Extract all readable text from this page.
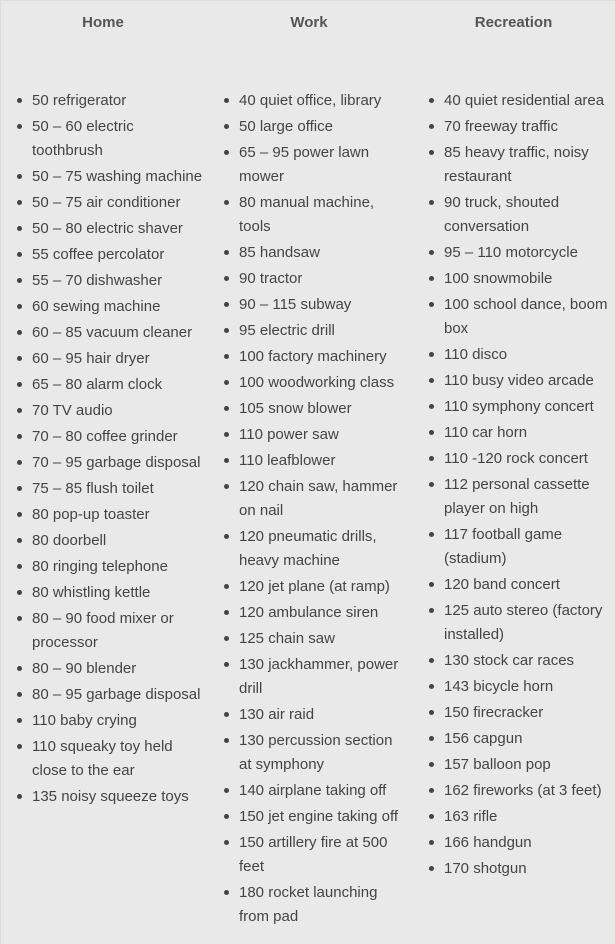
Home	Work	Recreation
50 refrigerator
50 – 60 electric toothbrush
50 – 75 washing machine
50 – 75 air conditioner
50 – 80 electric shaver
55 coffee percolator
55 – 70 dishwasher
60 sewing machine
60 – 85 vacuum cleaner
60 – 95 hair dryer
65 – 80 alarm clock
70 TV audio
70 – 80 coffee grinder
70 – 95 garbage disposal
75 – 85 flush toilet
80 pop-up toaster
80 doorbell
80 ringing telephone
80 whistling kettle
80 – 90 food mixer or processor
80 – 90 blender
80 – 95 garbage disposal
110 baby crying
110 squeaky toy held close to the ear
135 noisy squeeze toys
40 quiet office, library
50 large office
65 – 95 power lawn mower
80 manual machine, tools
85 handsaw
90 tractor
90 – 115 subway
95 electric drill
100 factory machinery
100 woodworking class
105 snow blower
110 power saw
110 leafblower
120 chain saw, hammer on nail
120 pneumatic drills, heavy machine
120 jet plane (at ramp)
120 ambulance siren
125 chain saw
130 jackhammer, power drill
130 air raid
130 percussion section at symphony
140 airplane taking off
150 jet engine taking off
150 artillery fire at 500 feet
180 rocket launching from pad
40 quiet residential area
70 freeway traffic
85 heavy traffic, noisy restaurant
90 truck, shouted conversation
95 – 110 motorcycle
100 snowmobile
100 school dance, boom box
110 disco
110 busy video arcade
110 symphony concert
110 car horn
110 -120 rock concert
112 personal cassette player on high
117 football game (stadium)
120 band concert
125 auto stereo (factory installed)
130 stock car races
143 bicycle horn
150 firecracker
156 capgun
157 balloon pop
162 fireworks (at 3 feet)
163 rifle
166 handgun
170 shotgun
